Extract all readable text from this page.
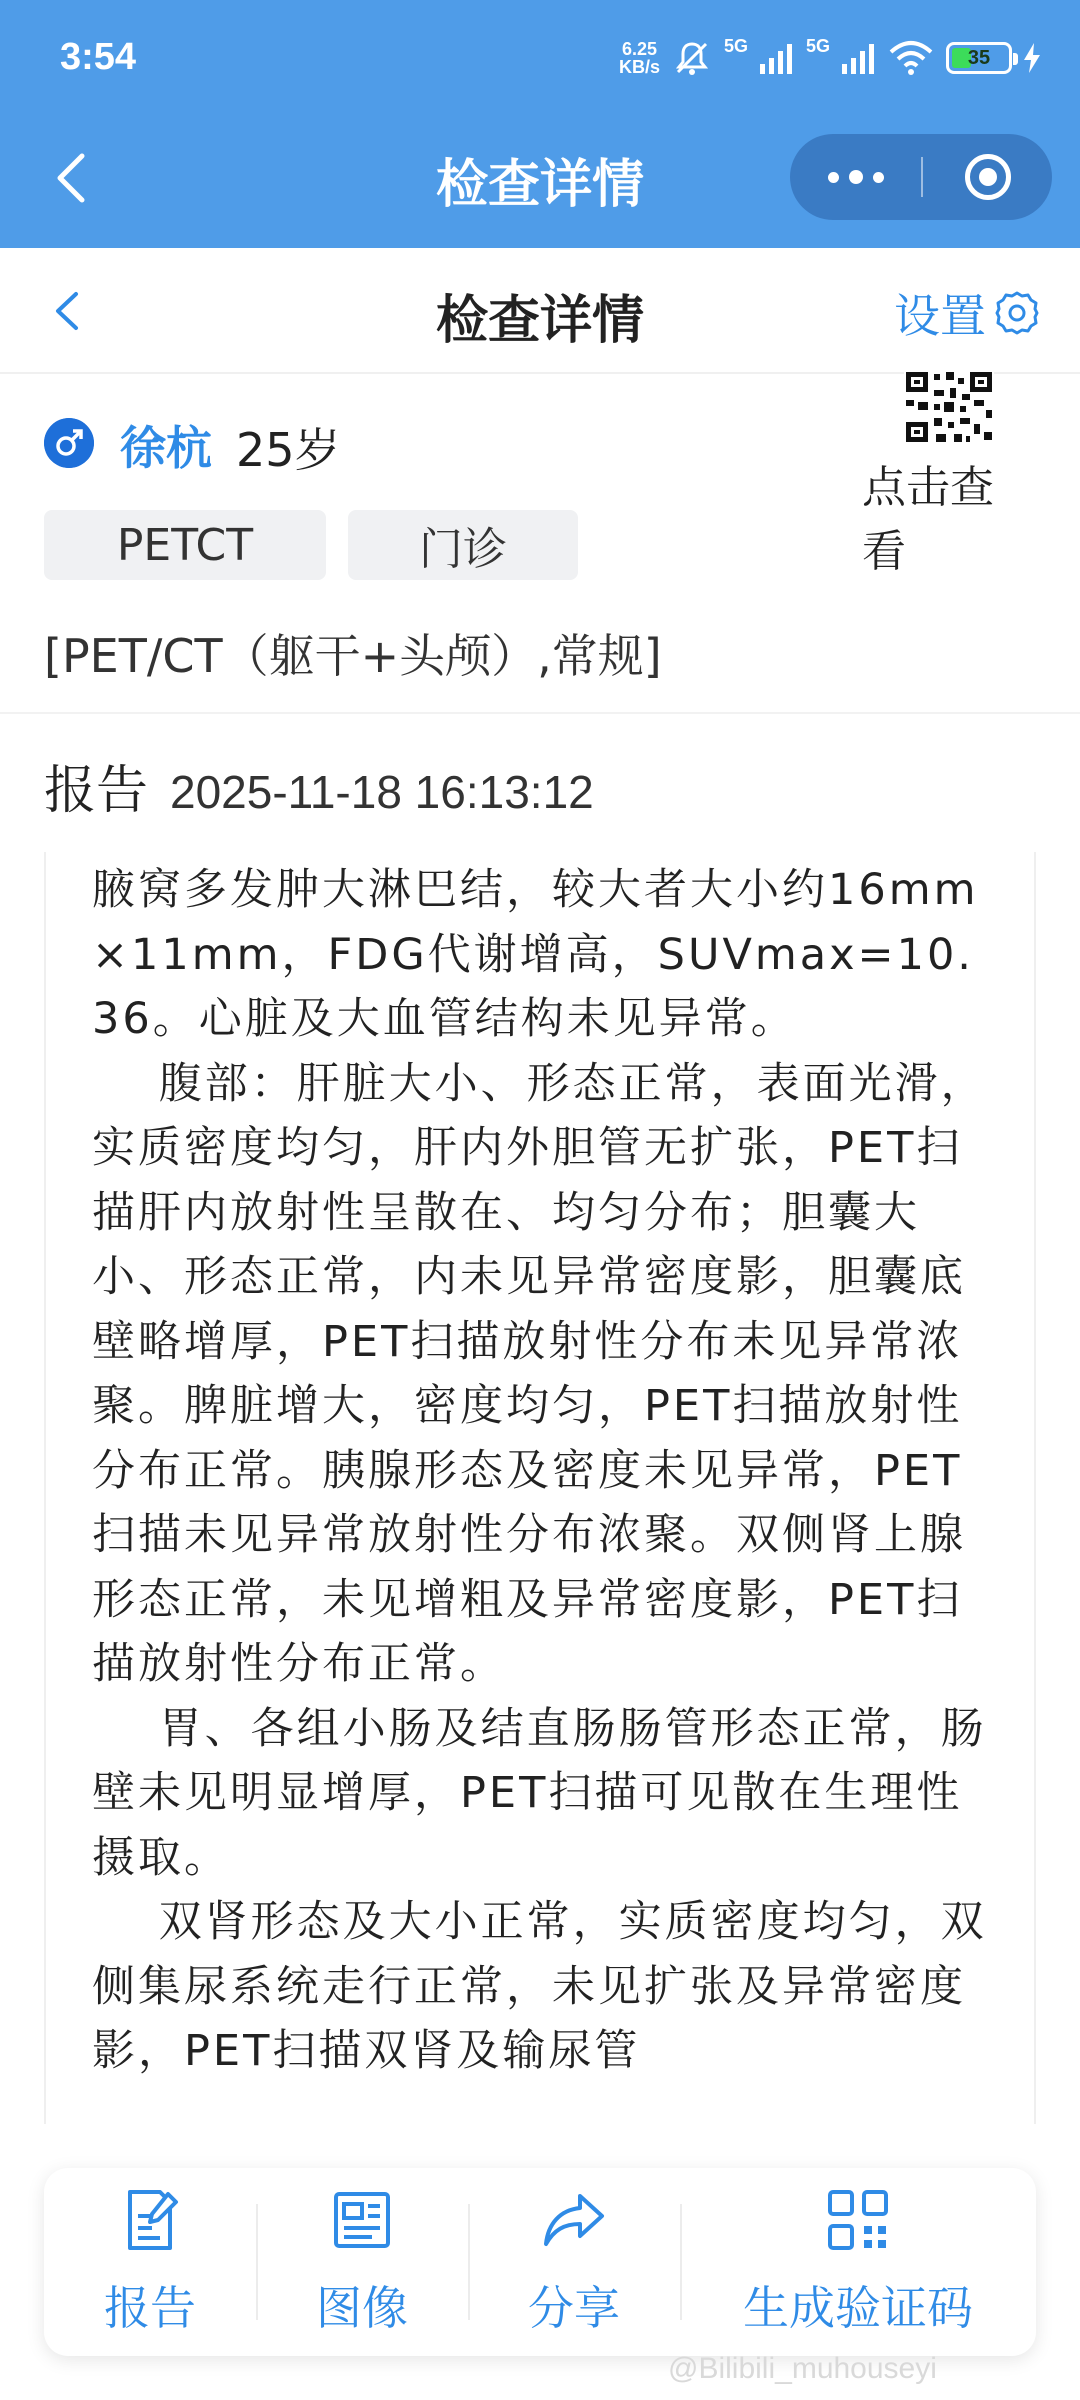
3:54	6.25
KB/s
5G	5G
35
检查详情
检查详情	设置
徐杭 25岁
PETCT	门诊
[PET/CT（躯干+头颅）,常规]
点击查看
报告 2025-11-18 16:13:12
腋窝多发肿大淋巴结，较大者大小约16mm×11mm，FDG代谢增高，SUVmax=10.36。心脏及大血管结构未见异常。
腹部：肝脏大小、形态正常，表面光滑，实质密度均匀，肝内外胆管无扩张，PET扫描肝内放射性呈散在、均匀分布；胆囊大小、形态正常，内未见异常密度影，胆囊底壁略增厚，PET扫描放射性分布未见异常浓聚。脾脏增大，密度均匀，PET扫描放射性分布正常。胰腺形态及密度未见异常，PET扫描未见异常放射性分布浓聚。双侧肾上腺形态正常，未见增粗及异常密度影，PET扫描放射性分布正常。
胃、各组小肠及结直肠肠管形态正常，肠壁未见明显增厚，PET扫描可见散在生理性摄取。
双肾形态及大小正常，实质密度均匀，双侧集尿系统走行正常，未见扩张及异常密度影，PET扫描双肾及输尿管
报告	图像	分享	生成验证码
@Bilibili_muhouseyi
